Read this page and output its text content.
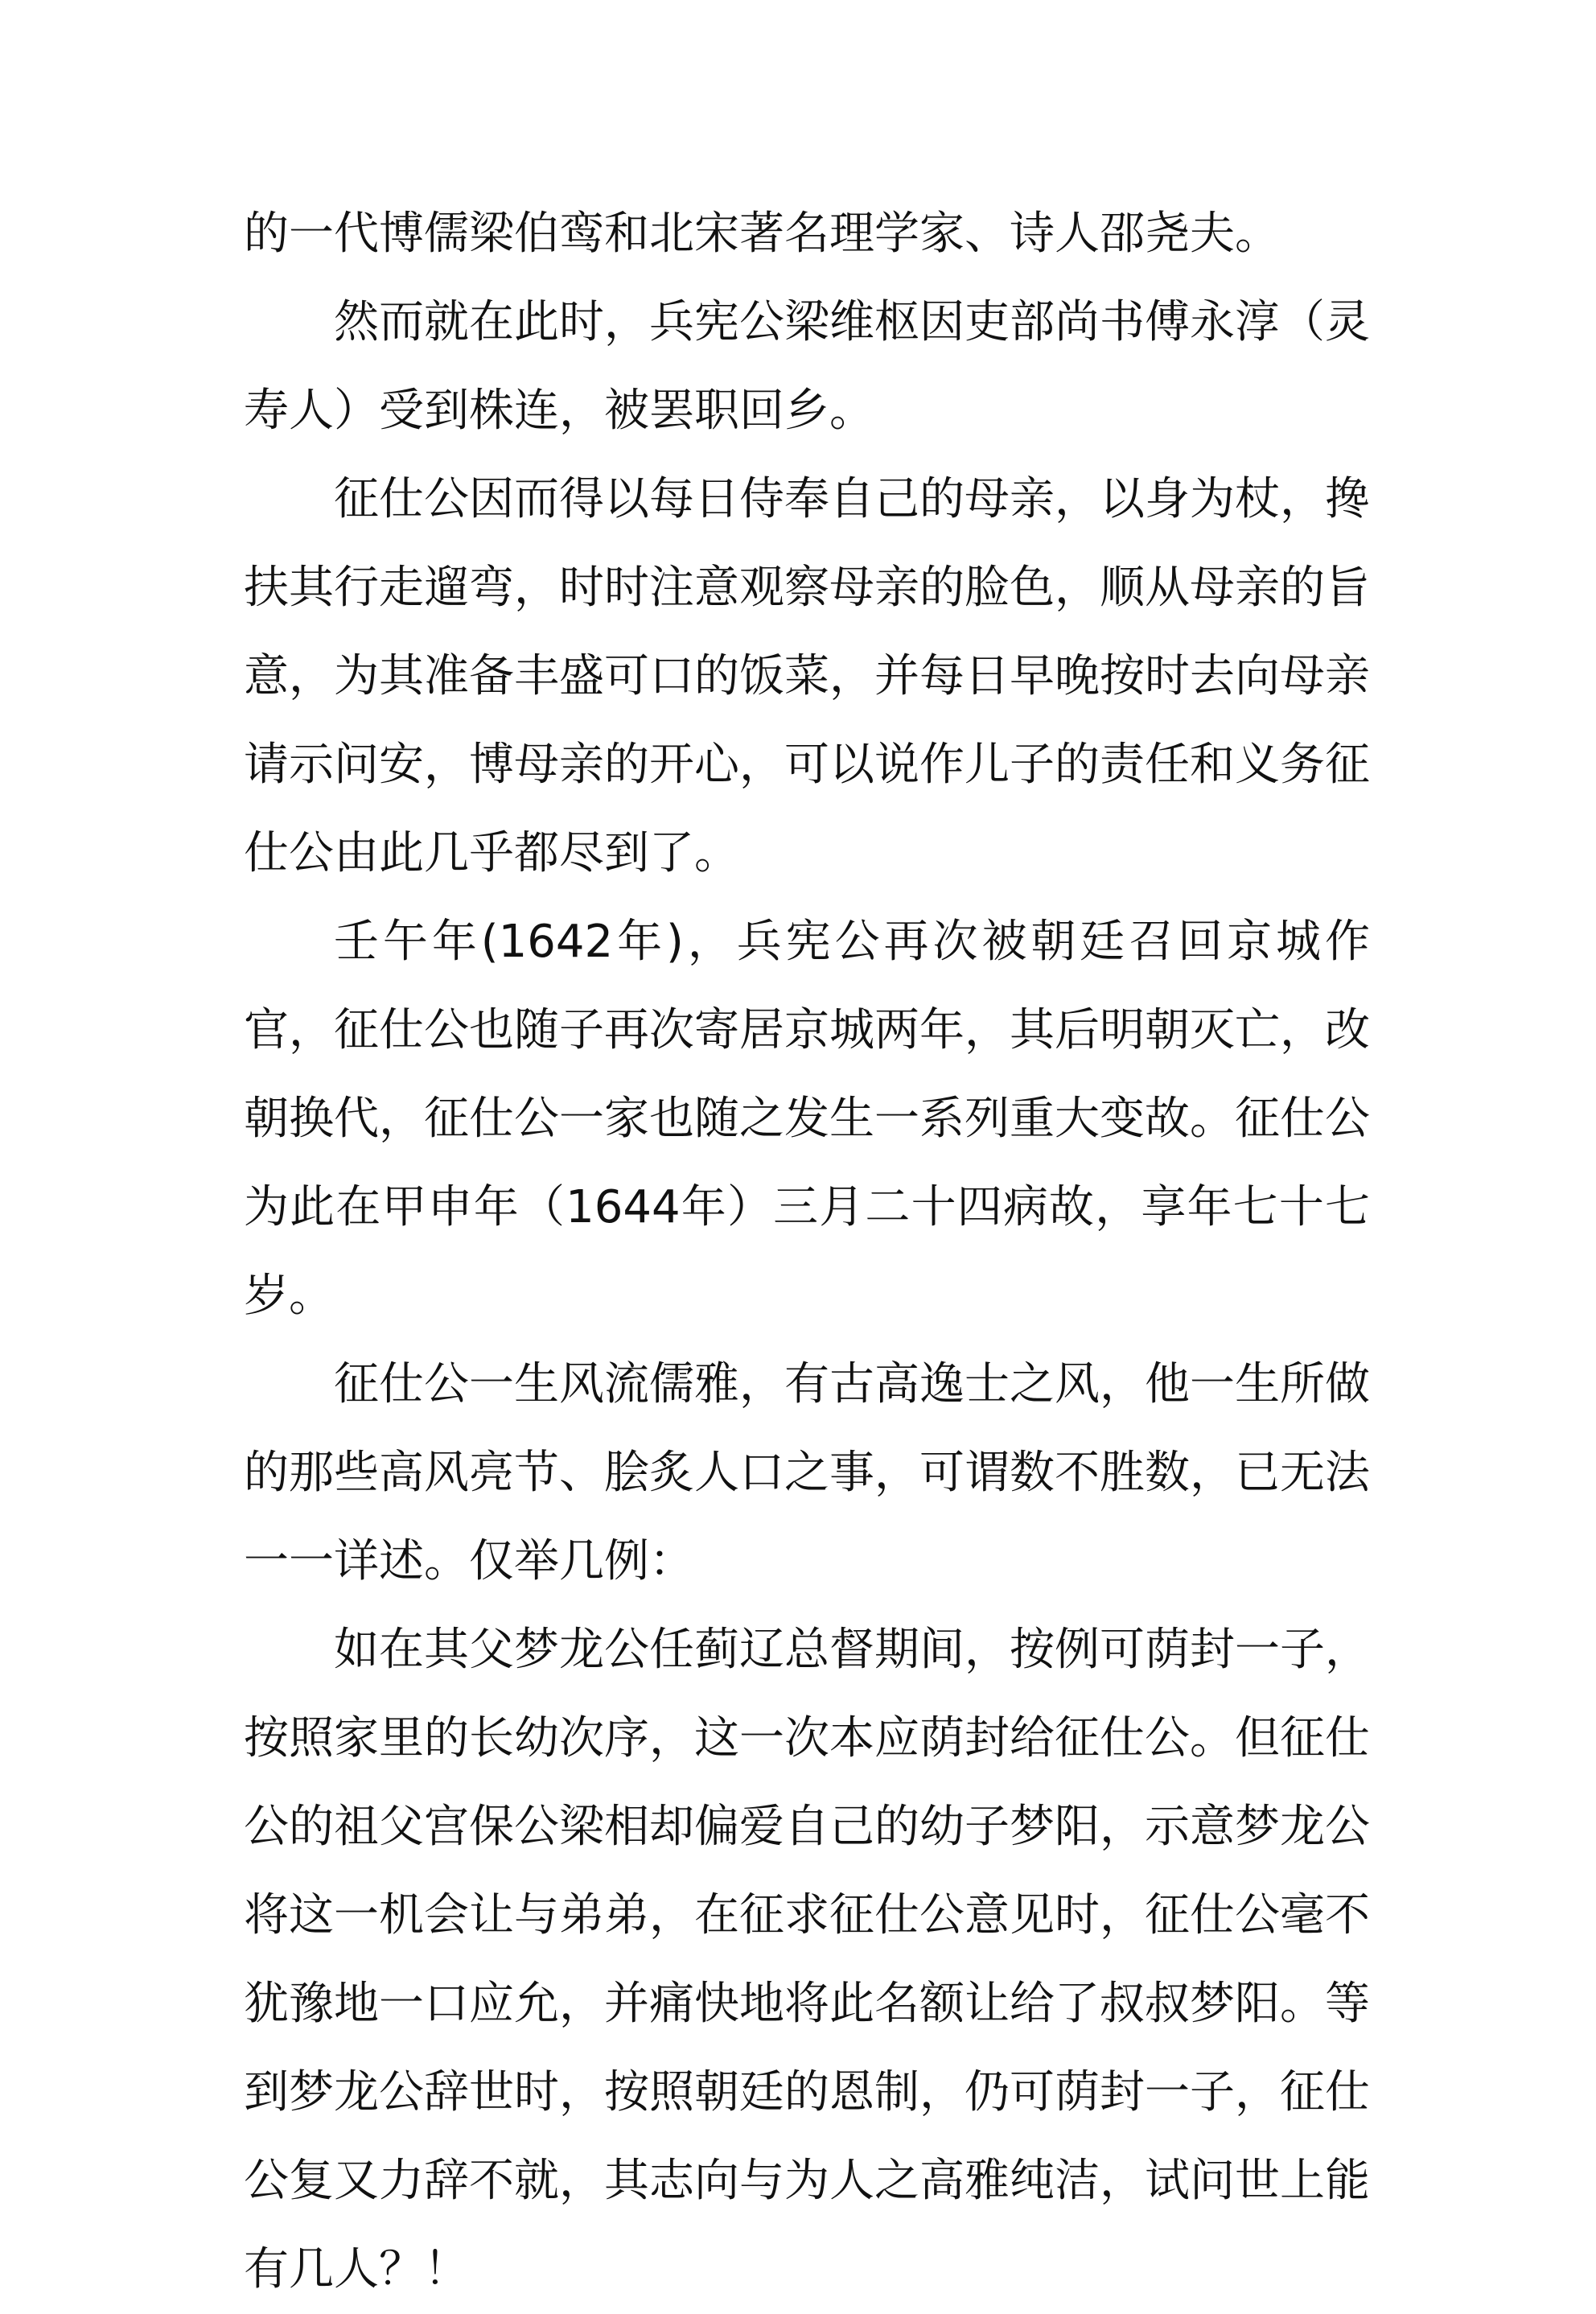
的一代博儒梁伯鸾和北宋著名理学家、诗人邵尧夫。

然而就在此时，兵宪公梁维枢因吏部尚书傅永淳（灵寿人）受到株连，被罢职回乡。

征仕公因而得以每日侍奉自己的母亲，以身为杖，搀扶其行走遛弯，时时注意观察母亲的脸色，顺从母亲的旨意，为其准备丰盛可口的饭菜，并每日早晚按时去向母亲请示问安，博母亲的开心，可以说作儿子的责任和义务征仕公由此几乎都尽到了。

壬午年(1642年)，兵宪公再次被朝廷召回京城作官，征仕公也随子再次寄居京城两年，其后明朝灭亡，改朝换代，征仕公一家也随之发生一系列重大变故。征仕公为此在甲申年（1644年）三月二十四病故，享年七十七岁。

征仕公一生风流儒雅，有古高逸士之风，他一生所做的那些高风亮节、脍炙人口之事，可谓数不胜数，已无法一一详述。仅举几例：

如在其父梦龙公任蓟辽总督期间，按例可荫封一子，按照家里的长幼次序，这一次本应荫封给征仕公。但征仕公的祖父宫保公梁相却偏爱自己的幼子梦阳，示意梦龙公将这一机会让与弟弟，在征求征仕公意见时，征仕公毫不犹豫地一口应允，并痛快地将此名额让给了叔叔梦阳。等到梦龙公辞世时，按照朝廷的恩制，仍可荫封一子，征仕公复又力辞不就，其志向与为人之高雅纯洁，试问世上能有几人？！
